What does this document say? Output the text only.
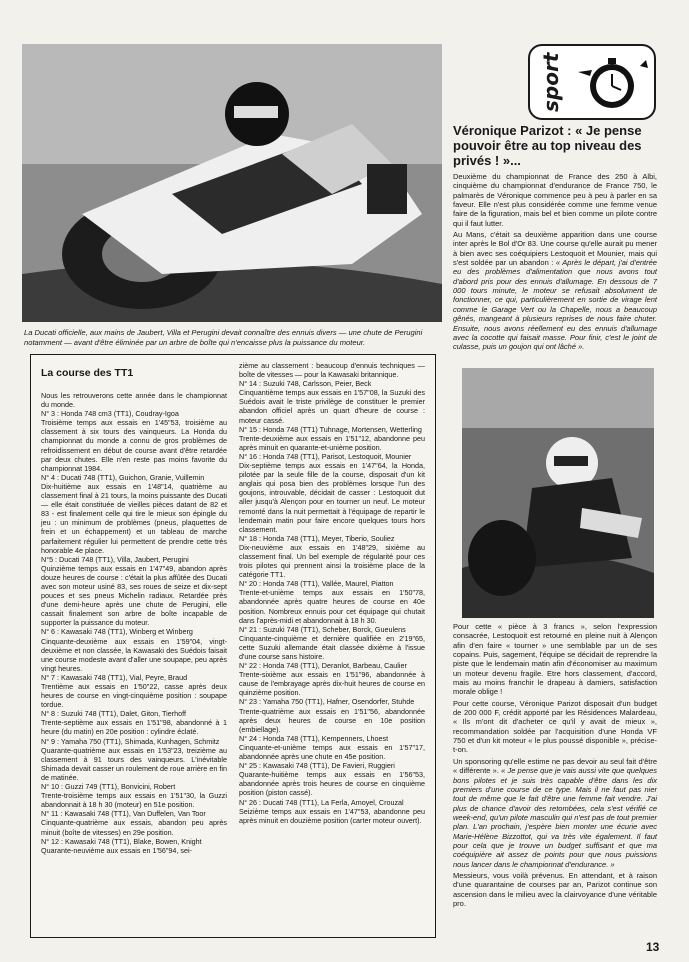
La Ducati officielle, aux mains de Jaubert, Villa et Perugini devait connaître des ennuis divers — une chute de Perugini notamment — avant d'être éliminée par un arbre de boîte qui n'encaisse plus la puissance du moteur.

sport
Véronique Parizot : « Je pense pouvoir être au top niveau des privés ! »...

Deuxième du championnat de France des 250 à Albi, cinquième du championnat d'endurance de France 750, le palmarès de Véronique commence peu à peu à parler en sa faveur. Elle n'est plus considérée comme une femme venue faire de la figuration, mais bel et bien comme un pilote contre qui il faut lutter.

Au Mans, c'était sa deuxième apparition dans une course inter après le Bol d'Or 83. Une course qu'elle aurait pu mener à bien avec ses coéquipiers Lestoquoit et Mounier, mais qui s'est soldée par un abandon : « Après le départ, j'ai d'entrée eu des problèmes d'alimentation que nous avons tout d'abord pris pour des ennuis d'allumage. En dessous de 7 000 tours minute, le moteur se refusait absolument de fonctionner, ce qui, particulièrement en sortie de virage lent comme le Garage Vert ou la Chapelle, nous a beaucoup gênés, mangeant à plusieurs reprises de nous faire chuter. Ensuite, nous avons réellement eu des ennuis d'allumage avec la cocotte qui faisait masse. Pour finir, c'est le joint de culasse, puis un goujon qui ont lâché ».

Pour cette « pièce à 3 francs », selon l'expression consacrée, Lestoquoit est retourné en pleine nuit à Alençon afin d'en faire « tourner » une semblable par un de ses copains. Puis, sagement, l'équipe se décidait de reprendre la piste que le lendemain matin afin d'économiser au maximum un moteur devenu fragile. Etre hors classement, d'accord, mais au moins franchir le drapeau à damiers, satisfaction morale oblige !

Pour cette course, Véronique Parizot disposait d'un budget de 200 000 F, crédit apporté par les Résidences Malardeau, « Ils m'ont dit d'acheter ce qu'il y avait de mieux », recommandation soldée par l'acquisition d'une Honda VF 750 et d'un kit moteur « le plus poussé disponible », précise-t-on.

Un sponsoring qu'elle estime ne pas devoir au seul fait d'être « différente ». « Je pense que je vais aussi vite que quelques bons pilotes et je suis très capable d'être dans les dix premiers d'une course de ce type. Mais il ne faut pas nier tout de même que le fait d'être une femme fait vendre. J'ai plus de chance d'avoir des retombées, cela s'est vérifié ce week-end, qu'un pilote masculin qui n'est pas de tout premier plan. L'an prochain, j'espère bien monter une écurie avec Marie-Hélène Bizzottot, qui va très vite également. Il faut pour cela que je trouve un budget suffisant et que ma coéquipière ait assez de points pour que nous puissions nous lancer dans le championnat d'endurance. »

Messieurs, vous voilà prévenus. En attendant, et à raison d'une quarantaine de courses par an, Parizot continue son ascension dans le milieu avec la clairvoyance d'une véritable pro.

La course des TT1

Nous les retrouverons cette année dans le championnat du monde.

N° 3 : Honda 748 cm3 (TT1), Coudray-Igoa

Troisième temps aux essais en 1'45"53, troisième au classement à six tours des vainqueurs. La Honda du championnat du monde a connu de gros problèmes de refroidissement en début de course avant d'être retardée par deux chutes. Elle n'en reste pas moins favorite du championnat 1984.

N° 4 : Ducati 748 (TT1), Guichon, Granie, Vuillemin

Dix-huitième aux essais en 1'48"14, quatrième au classement final à 21 tours, la moins puissante des Ducati — elle était constituée de vieilles pièces datant de 82 et 83 - est finalement celle qui tire le mieux son épingle du jeu : un minimum de problèmes (pneus, plaquettes de frein et un échappement) et un tableau de marche parfaitement régulier lui permettent de prendre cette très honorable 4e place.

N°5 : Ducati 748 (TT1), Villa, Jaubert, Perugini

Quinzième temps aux essais en 1'47"49, abandon après douze heures de course : c'était la plus affûtée des Ducati avec son moteur usiné 83, ses roues de seize et dix-sept pouces et ses pneus Michelin radiaux. Retardée près d'une demi-heure après une chute de Perugini, elle cassait finalement son arbre de boîte incapable de supporter la puissance du moteur.

N° 6 : Kawasaki 748 (TT1), Winberg et Winberg

Cinquante-deuxième aux essais en 1'59"04, vingt-deuxième et non classée, la Kawasaki des Suédois faisait une course modeste avant d'aller une soupape, peu après vingt heures.

N° 7 : Kawasaki 748 (TT1), Vial, Peyre, Braud

Trentième aux essais en 1'50"22, casse après deux heures de course en vingt-cinquième position : soupape tordue.

N° 8 : Suzuki 748 (TT1), Dalet, Giton, Tierhoff

Trente-septième aux essais en 1'51"98, abandonné à 1 heure (du matin) en 20e position : cylindre éclaté.

N° 9 : Yamaha 750 (TT1), Shimada, Kunhagen, Schmitz

Quarante-quatrième aux essais en 1'53"23, treizième au classement à 91 tours des vainqueurs. L'inévitable Shimada devait casser un roulement de roue arrière en fin de matinée.

N° 10 : Guzzi 749 (TT1), Bonvicini, Robert

Trente-troisième temps aux essais en 1'51"30, la Guzzi abandonnait à 18 h 30 (moteur) en 51e position.

N° 11 : Kawasaki 748 (TT1), Van Duffelen, Van Toor

Cinquante-quatrième aux essais, abandon peu après minuit (boîte de vitesses) en 29e position.

N° 12 : Kawasaki 748 (TT1), Blake, Bowen, Knight

Quarante-neuvième aux essais en 1'56"94, sei-

zième au classement : beaucoup d'ennuis techniques — boîte de vitesses — pour la Kawasaki britannique.

N° 14 : Suzuki 748, Carlsson, Peier, Beck

Cinquantième temps aux essais en 1'57"08, la Suzuki des Suédois avait le triste privilège de constituer le premier abandon officiel après un quart d'heure de course : moteur cassé.

N° 15 : Honda 748 (TT1) Tuhnage, Mortensen, Wetterling

Trente-deuxième aux essais en 1'51"12, abandonne peu après minuit en quarante-et-unième position.

N° 16 : Honda 748 (TT1), Parisot, Lestoquoit, Mounier

Dix-septième temps aux essais en 1'47"64, la Honda, pilotée par la seule fille de la course, disposait d'un kit anglais qui posa bien des problèmes lorsque l'un des goujons, introuvable, décidait de casser : Lestoquoit dut aller jusqu'à Alençon pour en tourner un neuf. Le moteur remonté dans la nuit permettait à l'équipage de repartir le lendemain matin pour faire encore quelques tours hors classement.

N° 18 : Honda 748 (TT1), Meyer, Tiberio, Souliez

Dix-neuvième aux essais en 1'48"29, sixième au classement final. Un bel exemple de régularité pour ces trois pilotes qui prennent ainsi la troisième place de la catégorie TT1.

N° 20 : Honda 748 (TT1), Vallée, Maurel, Piatton

Trente-et-unième temps aux essais en 1'50"78, abandonnée après quatre heures de course en 40e position. Nombreux ennuis pour cet équipage qui chutait dans l'après-midi et abandonnait à 18 h 30.

N° 21 : Suzuki 748 (TT1), Scheber, Borck, Gueulens

Cinquante-cinquième et dernière qualifiée en 2'19"65, cette Suzuki allemande était classée dixième à l'issue d'une course sans histoire.

N° 22 : Honda 748 (TT1), Deranlot, Barbeau, Caulier

Trente-sixième aux essais en 1'51"96, abandonnée à cause de l'embrayage après dix-huit heures de course en quinzième position.

N° 23 : Yamaha 750 (TT1), Hafner, Osendorfer, Stuhde

Trente-quatrième aux essais en 1'51"56, abandonnée après deux heures de course en 10e position (embiellage).

N° 24 : Honda 748 (TT1), Kempenners, Lhoest

Cinquante-et-unième temps aux essais en 1'57"17, abandonnée après une chute en 45e position.

N° 25 : Kawasaki 748 (TT1), De Favieri, Ruggieri

Quarante-huitième temps aux essais en 1'56"53, abandonnée après trois heures de course en cinquième position (piston cassé).

N° 26 : Ducati 748 (TT1), La Ferla, Amoyel, Crouzal

Seizième temps aux essais en 1'47"53, abandonne peu après minuit en douzième position (carter moteur ouvert).

13
